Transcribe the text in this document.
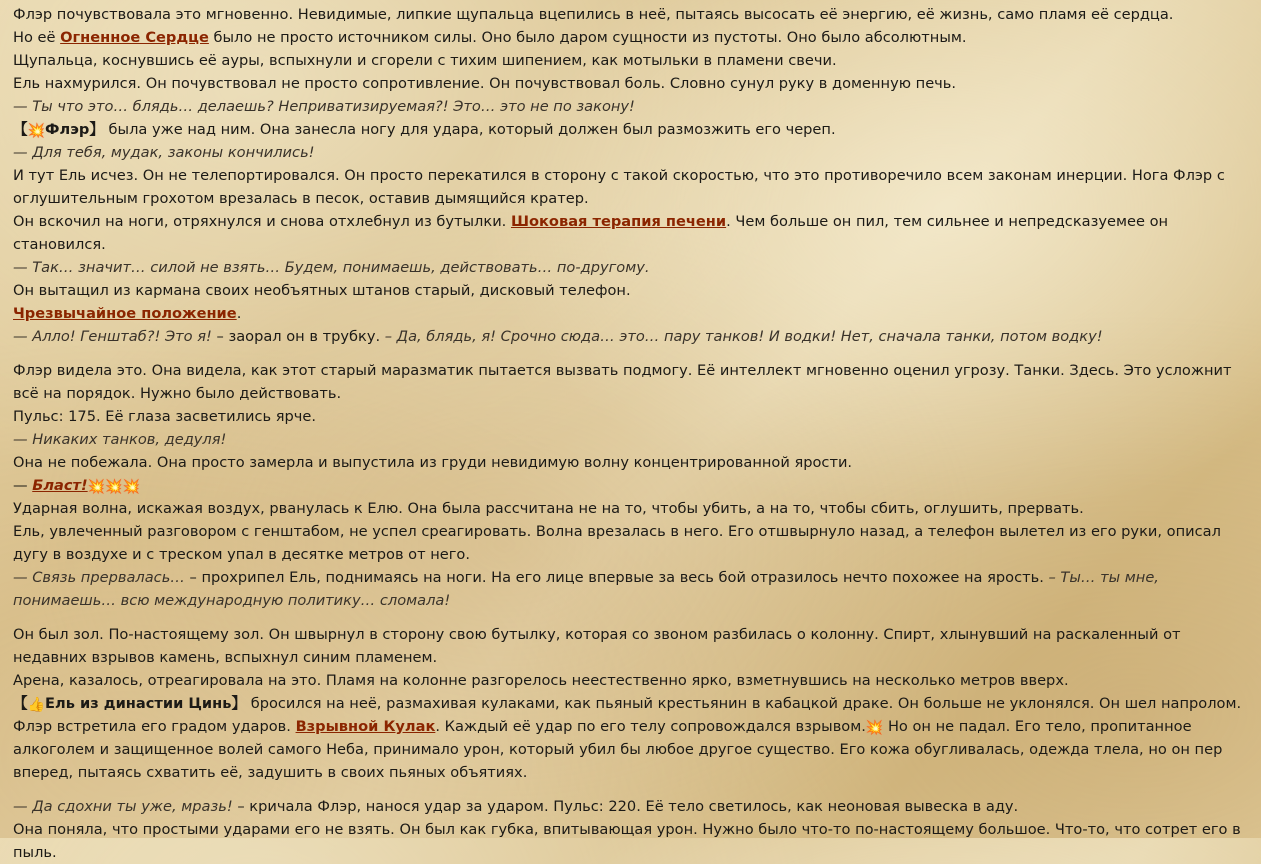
Флэр почувствовала это мгновенно. Невидимые, липкие щупальца вцепились в неё, пытаясь высосать её энергию, её жизнь, само пламя её сердца.

Но её Огненное Сердце было не просто источником силы. Оно было даром сущности из пустоты. Оно было абсолютным.

Щупальца, коснувшись её ауры, вспыхнули и сгорели с тихим шипением, как мотыльки в пламени свечи.

Ель нахмурился. Он почувствовал не просто сопротивление. Он почувствовал боль. Словно сунул руку в доменную печь.

— Ты что это… блядь… делаешь? Неприватизируемая?! Это… это не по закону!

【💥Флэр】 была уже над ним. Она занесла ногу для удара, который должен был размозжить его череп.

— Для тебя, мудак, законы кончились!

И тут Ель исчез. Он не телепортировался. Он просто перекатился в сторону с такой скоростью, что это противоречило всем законам инерции. Нога Флэр с оглушительным грохотом врезалась в песок, оставив дымящийся кратер.

Он вскочил на ноги, отряхнулся и снова отхлебнул из бутылки. Шоковая терапия печени. Чем больше он пил, тем сильнее и непредсказуемее он становился.

— Так… значит… силой не взять… Будем, понимаешь, действовать… по-другому.

Он вытащил из кармана своих необъятных штанов старый, дисковый телефон.

Чрезвычайное положение.

— Алло! Генштаб?! Это я! – заорал он в трубку. – Да, блядь, я! Срочно сюда… это… пару танков! И водки! Нет, сначала танки, потом водку!

Флэр видела это. Она видела, как этот старый маразматик пытается вызвать подмогу. Её интеллект мгновенно оценил угрозу. Танки. Здесь. Это усложнит всё на порядок. Нужно было действовать.

Пульс: 175. Её глаза засветились ярче.

— Никаких танков, дедуля!

Она не побежала. Она просто замерла и выпустила из груди невидимую волну концентрированной ярости.

— Бласт!💥💥💥

Ударная волна, искажая воздух, рванулась к Елю. Она была рассчитана не на то, чтобы убить, а на то, чтобы сбить, оглушить, прервать.

Ель, увлеченный разговором с генштабом, не успел среагировать. Волна врезалась в него. Его отшвырнуло назад, а телефон вылетел из его руки, описал дугу в воздухе и с треском упал в десятке метров от него.

— Связь прервалась… – прохрипел Ель, поднимаясь на ноги. На его лице впервые за весь бой отразилось нечто похожее на ярость. – Ты… ты мне, понимаешь… всю международную политику… сломала!

Он был зол. По-настоящему зол. Он швырнул в сторону свою бутылку, которая со звоном разбилась о колонну. Спирт, хлынувший на раскаленный от недавних взрывов камень, вспыхнул синим пламенем.

Арена, казалось, отреагировала на это. Пламя на колонне разгорелось неестественно ярко, взметнувшись на несколько метров вверх.

【👍Ель из династии Цинь】 бросился на неё, размахивая кулаками, как пьяный крестьянин в кабацкой драке. Он больше не уклонялся. Он шел напролом.

Флэр встретила его градом ударов. Взрывной Кулак. Каждый её удар по его телу сопровождался взрывом.💥 Но он не падал. Его тело, пропитанное алкоголем и защищенное волей самого Неба, принимало урон, который убил бы любое другое существо. Его кожа обугливалась, одежда тлела, но он пер вперед, пытаясь схватить её, задушить в своих пьяных объятиях.

— Да сдохни ты уже, мразь! – кричала Флэр, нанося удар за ударом. Пульс: 220. Её тело светилось, как неоновая вывеска в аду.

Она поняла, что простыми ударами его не взять. Он был как губка, впитывающая урон. Нужно было что-то по-настоящему большое. Что-то, что сотрет его в пыль.
